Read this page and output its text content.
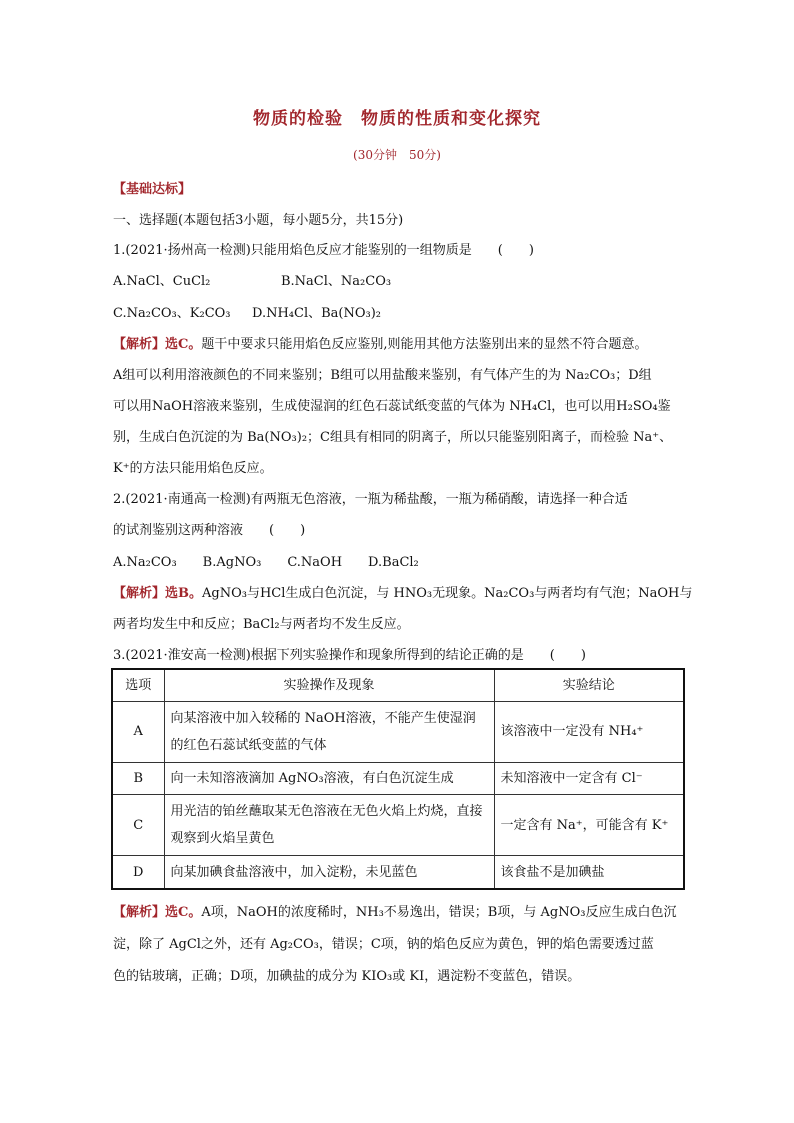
物质的检验　物质的性质和变化探究
(30分钟　50分)
【基础达标】
一、选择题(本题包括3小题，每小题5分，共15分)
1.(2021·扬州高一检测)只能用焰色反应才能鉴别的一组物质是　　(　　)
A.NaCl、CuCl₂	B.NaCl、Na₂CO₃
C.Na₂CO₃、K₂CO₃ D.NH₄Cl、Ba(NO₃)₂
【解析】选C。题干中要求只能用焰色反应鉴别,则能用其他方法鉴别出来的显然不符合题意。
A组可以利用溶液颜色的不同来鉴别；B组可以用盐酸来鉴别，有气体产生的为 Na₂CO₃；D组
可以用NaOH溶液来鉴别，生成使湿润的红色石蕊试纸变蓝的气体为 NH₄Cl，也可以用H₂SO₄鉴
别，生成白色沉淀的为 Ba(NO₃)₂；C组具有相同的阴离子，所以只能鉴别阳离子，而检验 Na⁺、
K⁺的方法只能用焰色反应。
2.(2021·南通高一检测)有两瓶无色溶液，一瓶为稀盐酸，一瓶为稀硝酸，请选择一种合适
的试剂鉴别这两种溶液　　(　　)
A.Na₂CO₃　　B.AgNO₃　　C.NaOH　　D.BaCl₂
【解析】选B。AgNO₃与HCl生成白色沉淀，与 HNO₃无现象。Na₂CO₃与两者均有气泡；NaOH与
两者均发生中和反应；BaCl₂与两者均不发生反应。
3.(2021·淮安高一检测)根据下列实验操作和现象所得到的结论正确的是　　(　　)
选项	实验操作及现象	实验结论
A	向某溶液中加入较稀的 NaOH溶液，不能产生使湿润的红色石蕊试纸变蓝的气体	该溶液中一定没有 NH₄⁺
B	向一未知溶液滴加 AgNO₃溶液，有白色沉淀生成	未知溶液中一定含有 Cl⁻
C	用光洁的铂丝蘸取某无色溶液在无色火焰上灼烧，直接观察到火焰呈黄色	一定含有 Na⁺，可能含有 K⁺
D	向某加碘食盐溶液中，加入淀粉，未见蓝色	该食盐不是加碘盐
【解析】选C。A项，NaOH的浓度稀时，NH₃不易逸出，错误；B项，与 AgNO₃反应生成白色沉
淀，除了 AgCl之外，还有 Ag₂CO₃，错误；C项，钠的焰色反应为黄色，钾的焰色需要透过蓝
色的钴玻璃，正确；D项，加碘盐的成分为 KIO₃或 KI，遇淀粉不变蓝色，错误。
